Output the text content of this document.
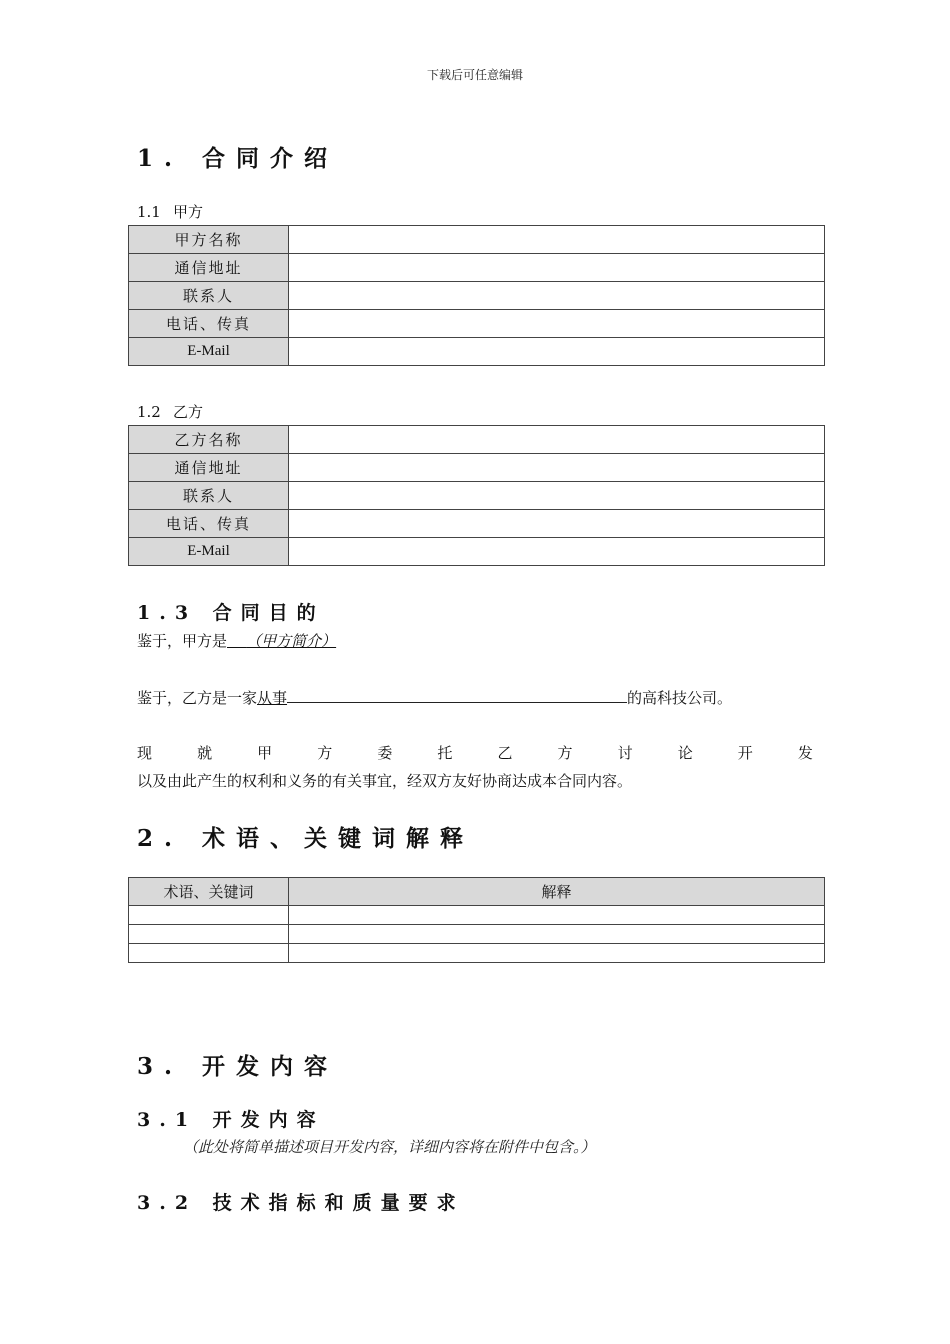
下载后可任意编辑
1. 合同介绍
1.1 甲方
甲方名称	
通信地址	
联系人	
电话、传真	
E-Mail	
1.2 乙方
乙方名称	
通信地址	
联系人	
电话、传真	
E-Mail	
1.3 合同目的
鉴于，甲方是 （甲方简介）
鉴于，乙方是一家从事	的高科技公司。
现	就	甲	方	委	托	乙	方	讨	论	开	发
以及由此产生的权利和义务的有关事宜，经双方友好协商达成本合同内容。
2. 术语、关键词解释
术语、关键词	解释

3. 开发内容
3.1 开发内容
（此处将简单描述项目开发内容，详细内容将在附件中包含。）
3.2 技术指标和质量要求
